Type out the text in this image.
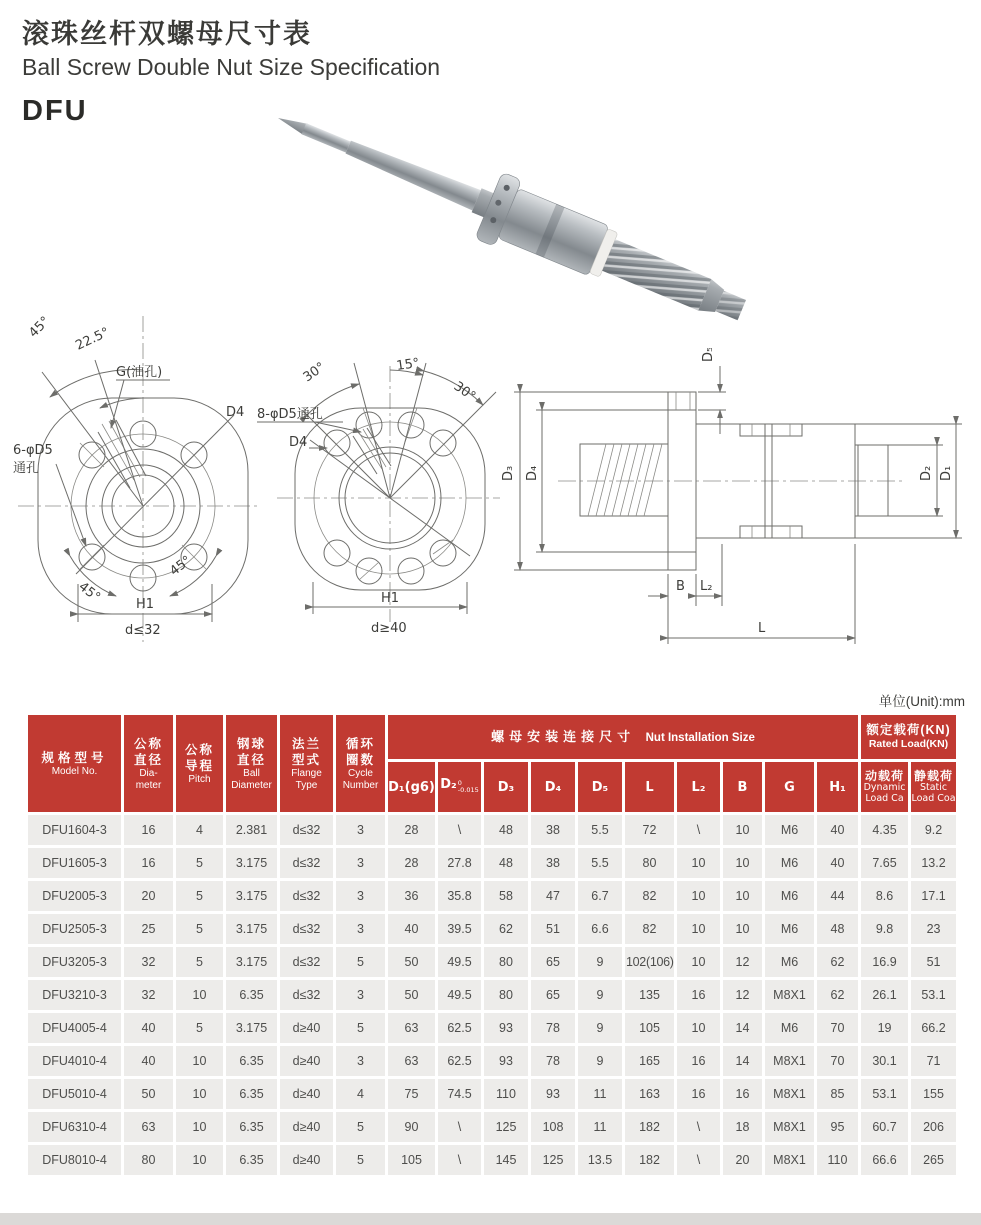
滚珠丝杆双螺母尺寸表
Ball Screw Double Nut Size Specification
DFU
45° 22.5°
G(油孔)
6-φD5
通孔
D4
45°
45°
H1
d≤32
30°	15°
30°
8-φD5通孔
D4
H1
d≥40
D₃ D₄
D₅
D₂ D₁
B L₂
L
单位(Unit):mm
规格型号
Model No.

公称
直径
Dia-
meter

公称
导程
Pitch

钢球
直径
Ball
Diameter

法兰
型式
Flange
Type

循环
圈数
Cycle
Number
	螺母安装连接尺寸 Nut Installation Size	
额定载荷(KN)
Rated Load(KN)

D₁(g6)	D₂ 0
-0.015	D₃	D₄	D₅	L	L₂	B	G	H₁	
动载荷
Dynamic
Load Ca

静载荷
Static
Load Coa

DFU1604-3	16	4	2.381	d≤32	3	28	\	48	38	5.5	72	\	10	M6	40	4.35	9.2
DFU1605-3	16	5	3.175	d≤32	3	28	27.8	48	38	5.5	80	10	10	M6	40	7.65	13.2
DFU2005-3	20	5	3.175	d≤32	3	36	35.8	58	47	6.7	82	10	10	M6	44	8.6	17.1
DFU2505-3	25	5	3.175	d≤32	3	40	39.5	62	51	6.6	82	10	10	M6	48	9.8	23
DFU3205-3	32	5	3.175	d≤32	5	50	49.5	80	65	9	102(106)	10	12	M6	62	16.9	51
DFU3210-3	32	10	6.35	d≤32	3	50	49.5	80	65	9	135	16	12	M8X1	62	26.1	53.1
DFU4005-4	40	5	3.175	d≥40	5	63	62.5	93	78	9	105	10	14	M6	70	19	66.2
DFU4010-4	40	10	6.35	d≥40	3	63	62.5	93	78	9	165	16	14	M8X1	70	30.1	71
DFU5010-4	50	10	6.35	d≥40	4	75	74.5	110	93	11	163	16	16	M8X1	85	53.1	155
DFU6310-4	63	10	6.35	d≥40	5	90	\	125	108	11	182	\	18	M8X1	95	60.7	206
DFU8010-4	80	10	6.35	d≥40	5	105	\	145	125	13.5	182	\	20	M8X1	110	66.6	265
